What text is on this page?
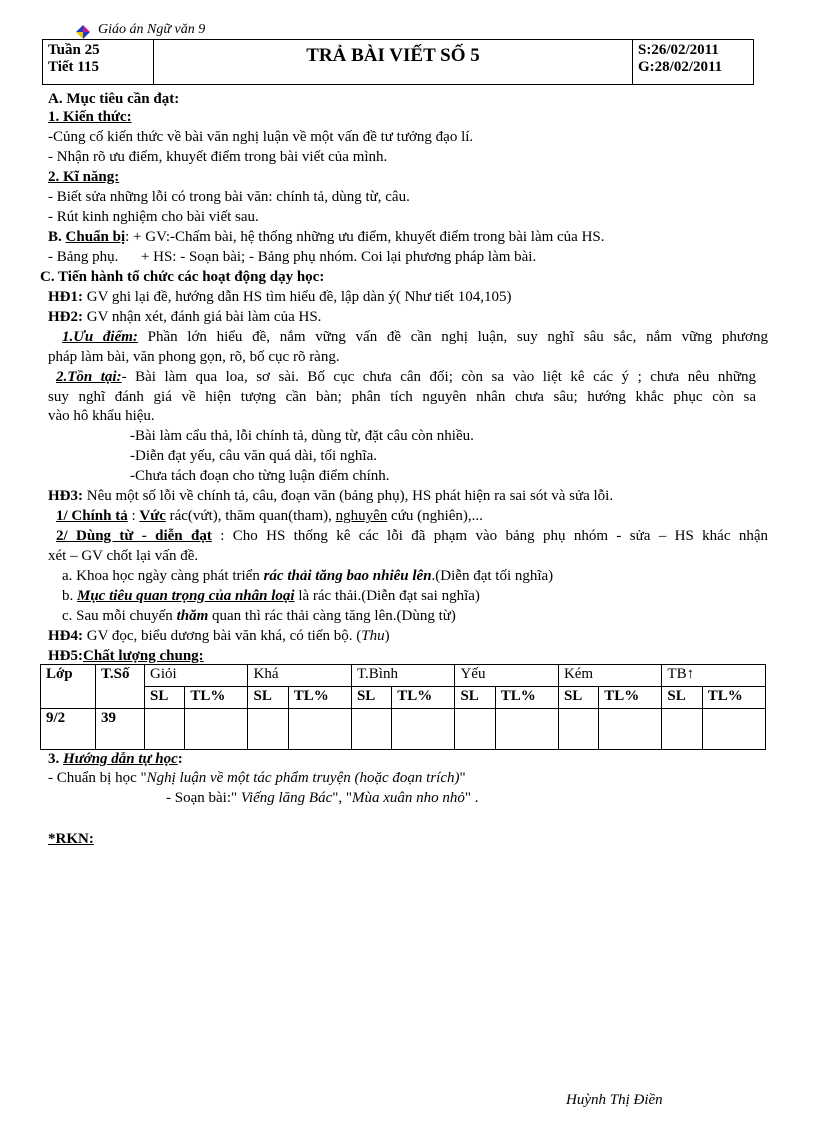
Giáo án Ngữ văn 9
Tuần 25
Tiết 115

TRẢ BÀI VIẾT SỐ 5	S:26/02/2011
G:28/02/2011
A. Mục tiêu cần đạt:
1. Kiến thức:
-Củng cố kiến thức về bài văn nghị luận về một vấn đề tư tưởng đạo lí.
- Nhận rõ ưu điểm, khuyết điểm trong bài viết của mình.
2. Kĩ năng:
- Biết sửa những lỗi có trong bài văn: chính tả, dùng từ, câu.
- Rút kinh nghiệm cho bài viết sau.
B. Chuẩn bị: + GV:-Chấm bài, hệ thống những ưu điểm, khuyết điểm trong bài làm của HS.
- Bảng phụ.      + HS: - Soạn bài; - Bảng phụ nhóm. Coi lại phương pháp làm bài.
C. Tiến hành tổ chức các hoạt động dạy học:
HĐ1: GV ghi lại đề, hướng dẫn HS tìm hiểu đề, lập dàn ý( Như tiết 104,105)
HĐ2: GV nhận xét, đánh giá bài làm của HS.
1.Ưu điểm: Phần lớn hiểu đề, nắm vững vấn đề cần nghị luận, suy nghĩ sâu sắc, nắm vững phương
pháp làm bài, văn phong gọn, rõ, bố cục rõ ràng.
2.Tồn tại:- Bài làm qua loa, sơ sài. Bố cục chưa cân đối; còn sa vào liệt kê các ý ; chưa nêu những
suy nghĩ đánh giá về hiện tượng cần bàn; phân tích nguyên nhân chưa sâu; hướng khắc phục còn sa
vào hô khẩu hiệu.
-Bài làm cẩu thả, lỗi chính tả, dùng từ, đặt câu còn nhiều.
-Diễn đạt yếu, câu văn quá dài, tối nghĩa.
-Chưa tách đoạn cho từng luận điểm chính.
HĐ3: Nêu một số lỗi về chính tả, câu, đoạn văn (bảng phụ), HS phát hiện ra sai sót và sửa lỗi.
1/ Chính tả : Vức rác(vứt), thăm quan(tham), nghuyên cứu (nghiên),...
2/ Dùng từ - diễn đạt : Cho HS thống kê các lỗi đã phạm vào bảng phụ nhóm - sửa – HS khác nhận
xét – GV chốt lại vấn đề.
a. Khoa học ngày càng phát triển rác thải tăng bao nhiêu lên.(Diễn đạt tối nghĩa)
b. Mục tiêu quan trọng của nhân loại là rác thải.(Diễn đạt sai nghĩa)
c. Sau mỗi chuyến thăm quan thì rác thải càng tăng lên.(Dùng từ)
HĐ4: GV đọc, biểu dương bài văn khá, có tiến bộ. (Thu)
HĐ5:Chất lượng chung:
Lớp	T.Số	Giỏi		Khá		T.Bình		Yếu		Kém		TB↑	
		SL	TL%	SL	TL%	SL	TL%	SL	TL%	SL	TL%	SL	TL%
9/2	39												
3. Hướng dẫn tự học:
- Chuẩn bị học "Nghị luận về một tác phẩm truyện (hoặc đoạn trích)"
- Soạn bài:" Viếng lăng Bác", "Mùa xuân nho nhỏ" .
*RKN:
Huỳnh Thị Điền
